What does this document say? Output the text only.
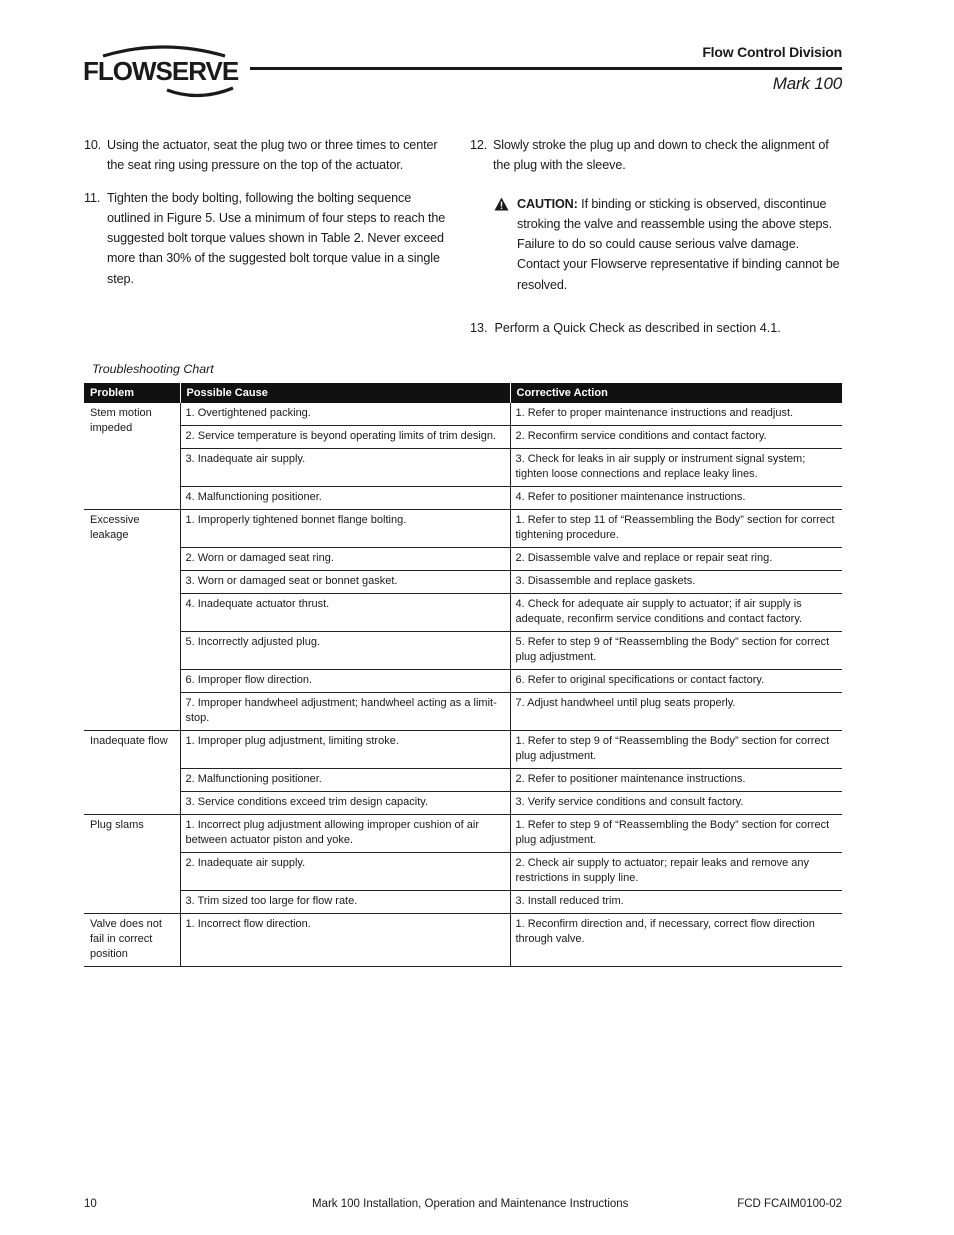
FLOWSERVE
Flow Control Division
Mark 100
10. Using the actuator, seat the plug two or three times to center the seat ring using pressure on the top of the actuator.
11. Tighten the body bolting, following the bolting sequence outlined in Figure 5. Use a minimum of four steps to reach the suggested bolt torque values shown in Table 2. Never exceed more than 30% of the suggested bolt torque value in a single step.
12. Slowly stroke the plug up and down to check the alignment of the plug with the sleeve.
CAUTION: If binding or sticking is observed, discontinue stroking the valve and reassemble using the above steps. Failure to do so could cause serious valve damage. Contact your Flowserve representative if binding cannot be resolved.
13. Perform a Quick Check as described in section 4.1.
Troubleshooting Chart
Problem	Possible Cause	Corrective Action
Stem motion impeded	1. Overtightened packing.	1. Refer to proper maintenance instructions and readjust.
	2. Service temperature is beyond operating limits of trim design.	2. Reconfirm service conditions and contact factory.
	3. Inadequate air supply.	3. Check for leaks in air supply or instrument signal system; tighten loose connections and replace leaky lines.
	4. Malfunctioning positioner.	4. Refer to positioner maintenance instructions.
Excessive leakage	1. Improperly tightened bonnet flange bolting.	1. Refer to step 11 of “Reassembling the Body” section for correct tightening procedure.
	2. Worn or damaged seat ring.	2. Disassemble valve and replace or repair seat ring.
	3. Worn or damaged seat or bonnet gasket.	3. Disassemble and replace gaskets.
	4. Inadequate actuator thrust.	4. Check for adequate air supply to actuator; if air supply is adequate, reconfirm service conditions and contact factory.
	5. Incorrectly adjusted plug.	5. Refer to step 9 of “Reassembling the Body” section for correct plug adjustment.
	6. Improper flow direction.	6. Refer to original specifications or contact factory.
	7. Improper handwheel adjustment; handwheel acting as a limit-stop.	7. Adjust handwheel until plug seats properly.
Inadequate flow	1. Improper plug adjustment, limiting stroke.	1. Refer to step 9 of “Reassembling the Body” section for correct plug adjustment.
	2. Malfunctioning positioner.	2. Refer to positioner maintenance instructions.
	3. Service conditions exceed trim design capacity.	3. Verify service conditions and consult factory.
Plug slams	1. Incorrect plug adjustment allowing improper cushion of air between actuator piston and yoke.	1. Refer to step 9 of “Reassembling the Body” section for correct plug adjustment.
	2. Inadequate air supply.	2. Check air supply to actuator; repair leaks and remove any restrictions in supply line.
	3. Trim sized too large for flow rate.	3. Install reduced trim.
Valve does not fail in correct position	1. Incorrect flow direction.	1. Reconfirm direction and, if necessary, correct flow direction through valve.
10	Mark 100 Installation, Operation and Maintenance Instructions	FCD FCAIM0100-02
